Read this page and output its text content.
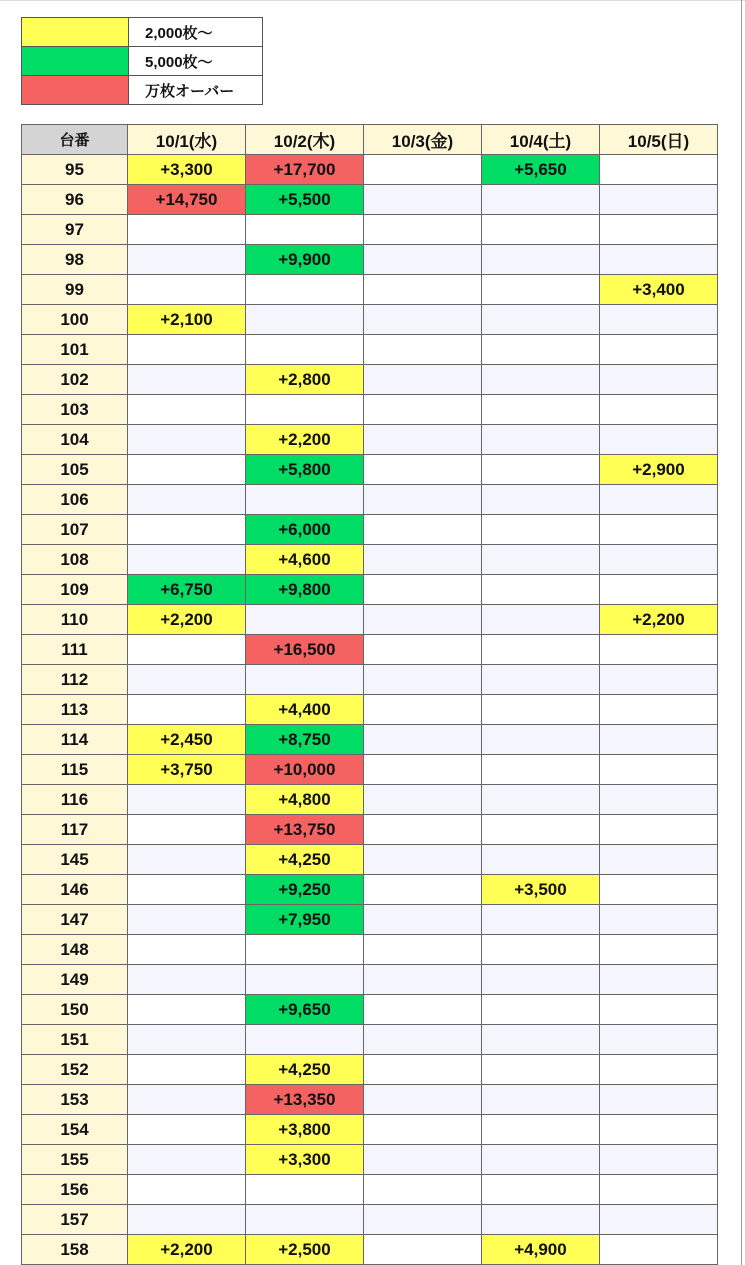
	2,000枚〜
	5,000枚〜
	万枚オーバー
台番	10/1(水)	10/2(木)	10/3(金)	10/4(土)	10/5(日)
95	+3,300	+17,700		+5,650	
96	+14,750	+5,500			
97					
98		+9,900			
99					+3,400
100	+2,100				
101					
102		+2,800			
103					
104		+2,200			
105		+5,800			+2,900
106					
107		+6,000			
108		+4,600			
109	+6,750	+9,800			
110	+2,200				+2,200
111		+16,500			
112					
113		+4,400			
114	+2,450	+8,750			
115	+3,750	+10,000			
116		+4,800			
117		+13,750			
145		+4,250			
146		+9,250		+3,500	
147		+7,950			
148					
149					
150		+9,650			
151					
152		+4,250			
153		+13,350			
154		+3,800			
155		+3,300			
156					
157					
158	+2,200	+2,500		+4,900	
